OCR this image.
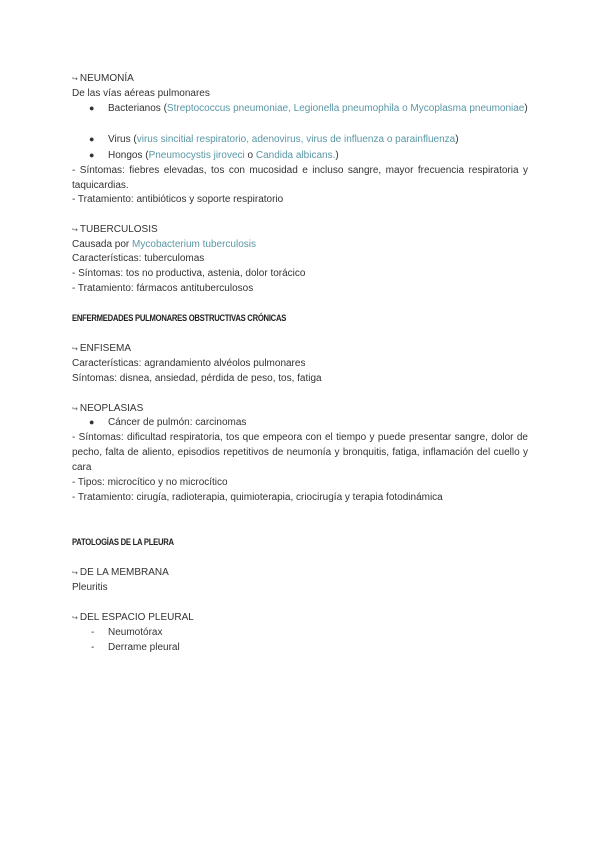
↪ NEUMONÍA
De las vías aéreas pulmonares
● Bacterianos (Streptococcus pneumoniae, Legionella pneumophila o Mycoplasma pneumoniae)
● Virus (virus sincitial respiratorio, adenovirus, virus de influenza o parainfluenza)
● Hongos (Pneumocystis jiroveci o Candida albicans.)
- Síntomas: fiebres elevadas, tos con mucosidad e incluso sangre, mayor frecuencia respiratoria y taquicardias.
- Tratamiento: antibióticos y soporte respiratorio
↪ TUBERCULOSIS
Causada por Mycobacterium tuberculosis
Características: tuberculomas
- Síntomas: tos no productiva, astenia, dolor torácico
- Tratamiento: fármacos antituberculosos
ENFERMEDADES PULMONARES OBSTRUCTIVAS CRÓNICAS
↪ ENFISEMA
Características: agrandamiento alvéolos pulmonares
Síntomas: disnea, ansiedad, pérdida de peso, tos, fatiga
↪ NEOPLASIAS
● Cáncer de pulmón: carcinomas
- Síntomas: dificultad respiratoria, tos que empeora con el tiempo y puede presentar sangre, dolor de pecho, falta de aliento, episodios repetitivos de neumonía y bronquitis, fatiga, inflamación del cuello y cara
- Tipos: microcítico y no microcítico
- Tratamiento: cirugía, radioterapia, quimioterapia, criocirugía y terapia fotodinámica
PATOLOGÍAS DE LA PLEURA
↪ DE LA MEMBRANA
Pleuritis
↪ DEL ESPACIO PLEURAL
- Neumotórax
- Derrame pleural
